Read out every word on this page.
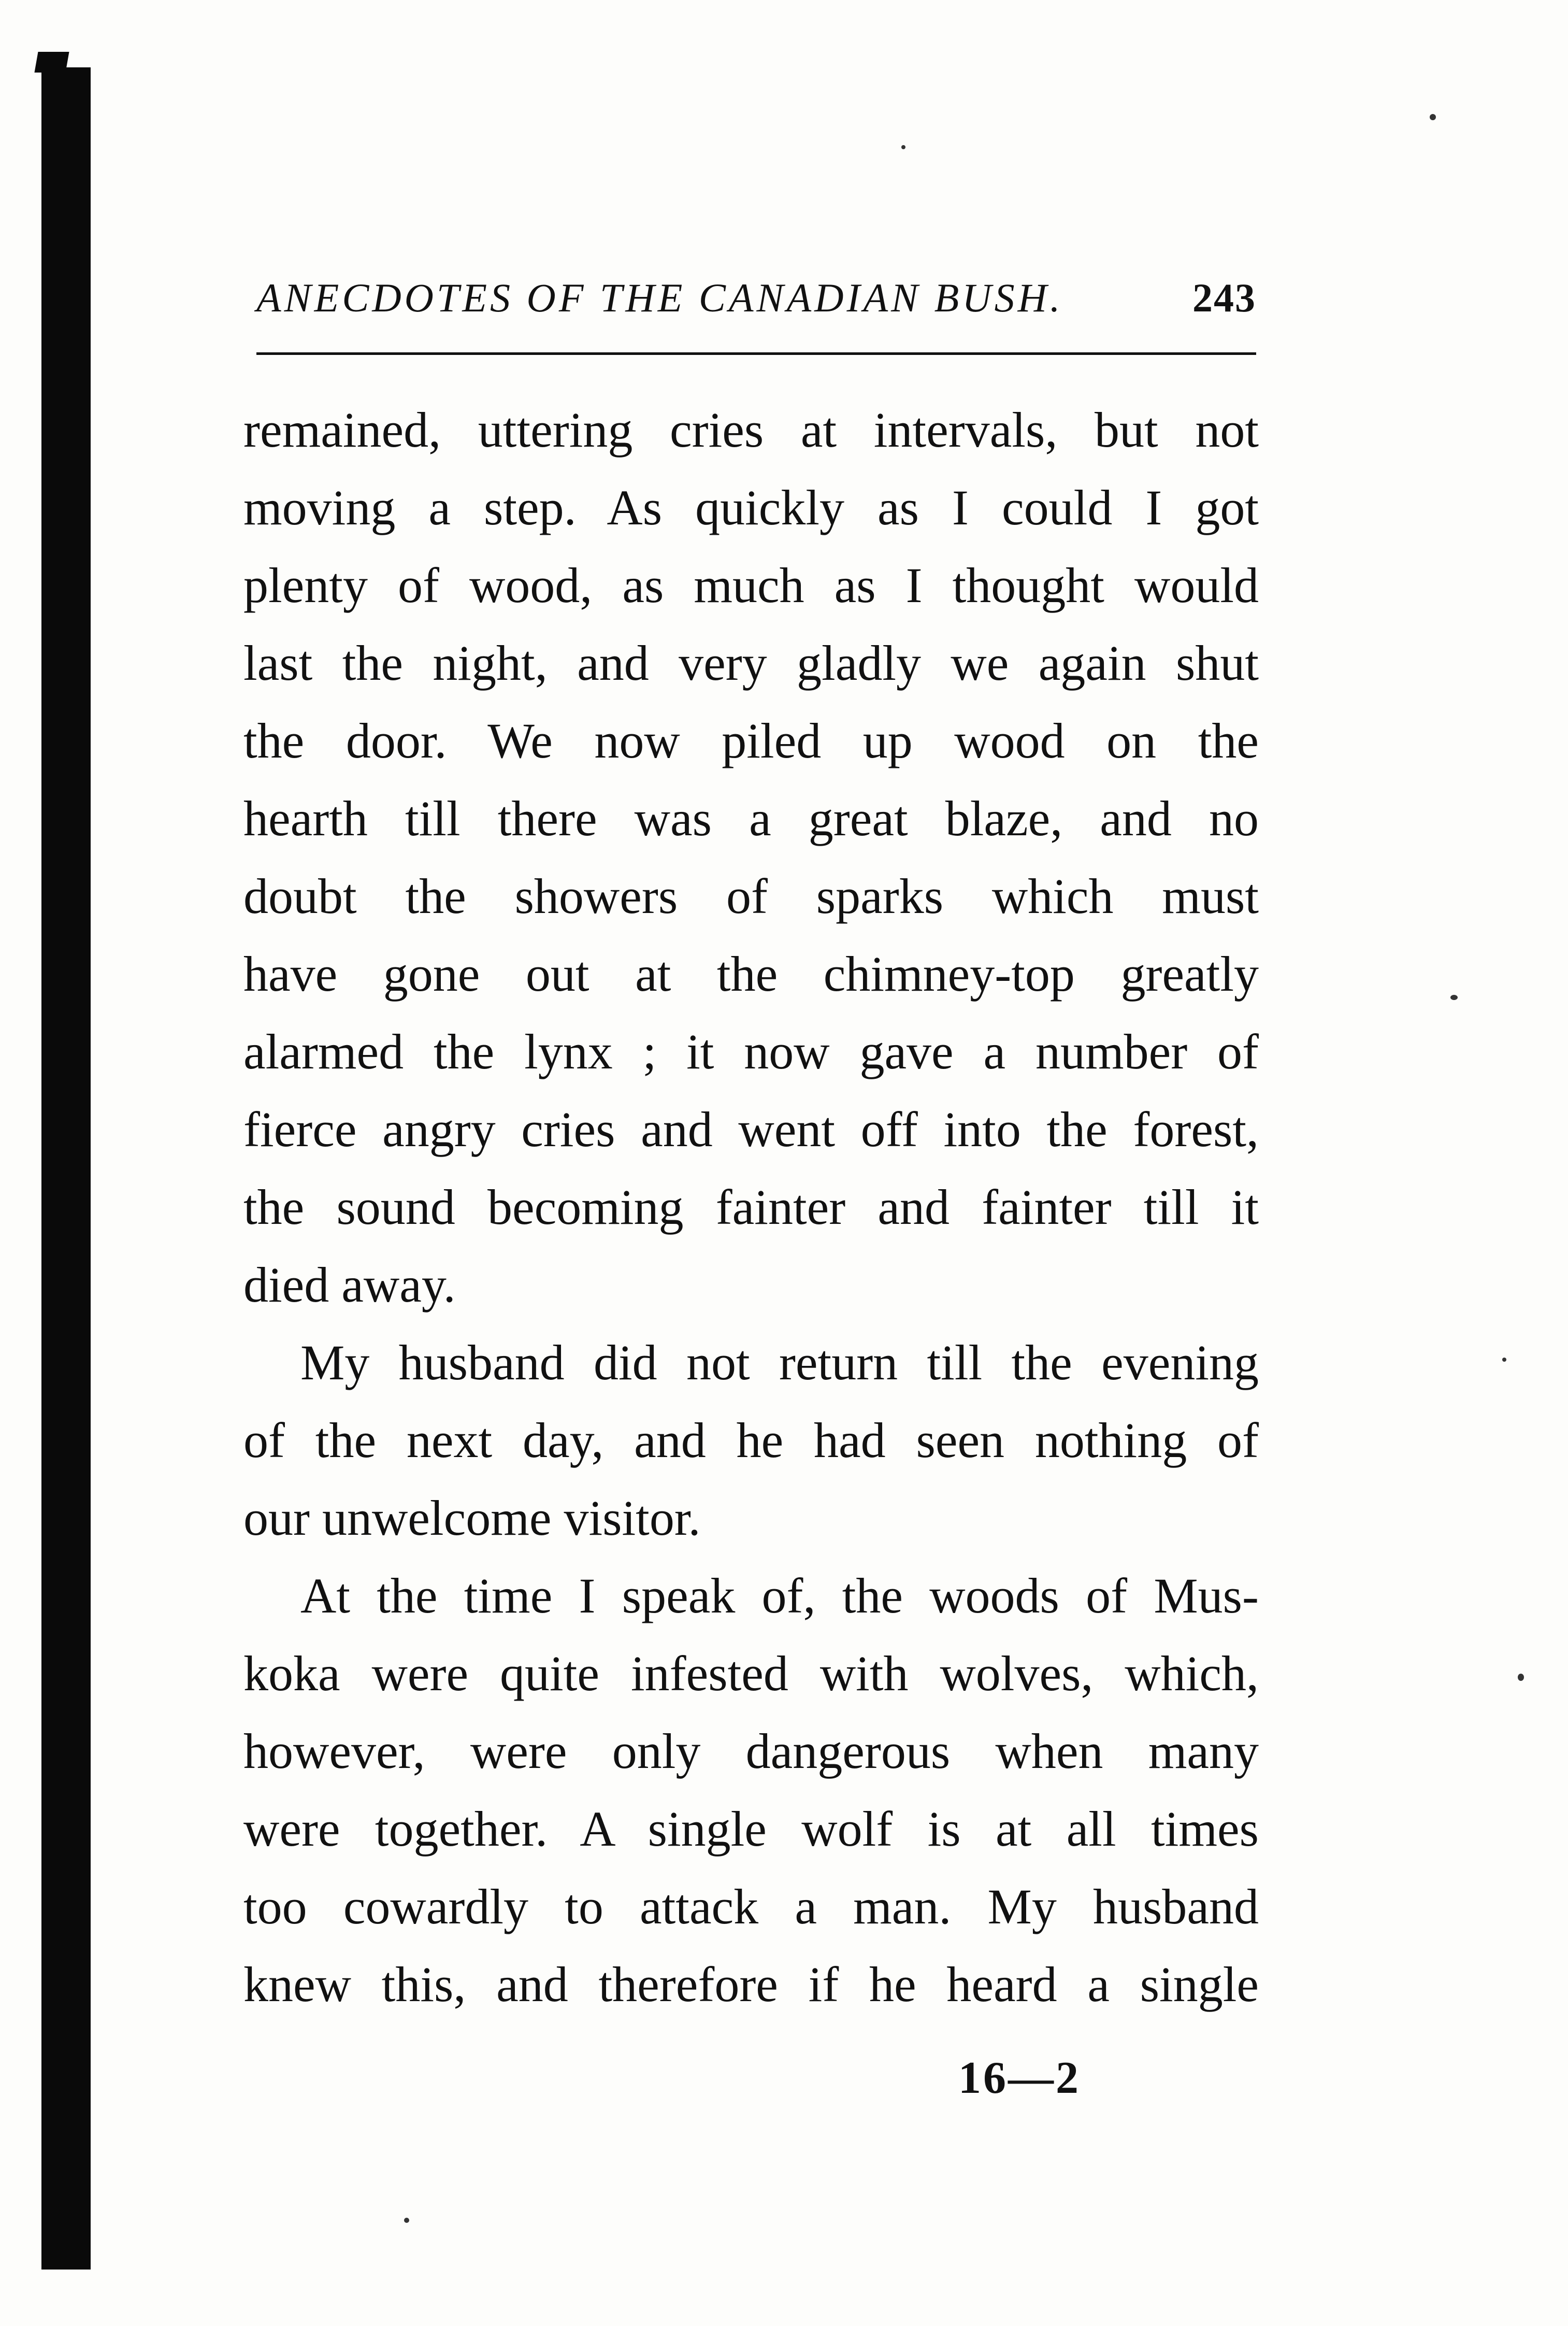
ANECDOTES OF THE CANADIAN BUSH.	243
remained, uttering cries at intervals, but not
moving a step. As quickly as I could I got
plenty of wood, as much as I thought would
last the night, and very gladly we again shut
the door. We now piled up wood on the
hearth till there was a great blaze, and no
doubt the showers of sparks which must
have gone out at the chimney-top greatly
alarmed the lynx ; it now gave a number of
fierce angry cries and went off into the forest,
the sound becoming fainter and fainter till it
died away.
My husband did not return till the evening
of the next day, and he had seen nothing of
our unwelcome visitor.
At the time I speak of, the woods of Mus-
koka were quite infested with wolves, which,
however, were only dangerous when many
were together. A single wolf is at all times
too cowardly to attack a man. My husband
knew this, and therefore if he heard a single
16—2
